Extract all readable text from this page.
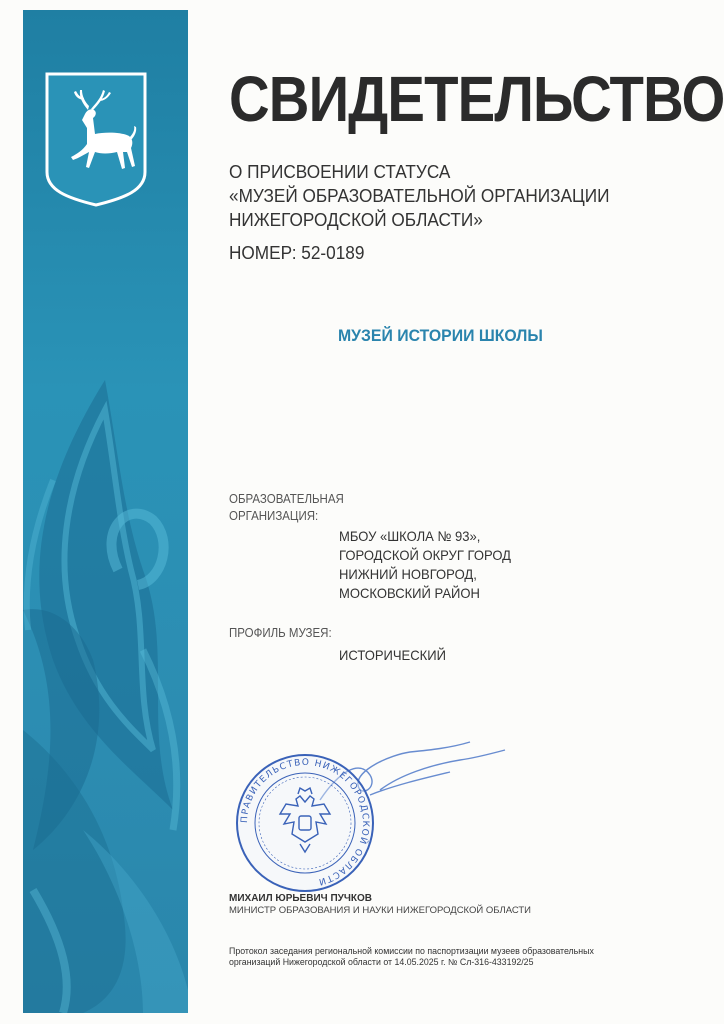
СВИДЕТЕЛЬСТВО
О ПРИСВОЕНИИ СТАТУСА
«МУЗЕЙ ОБРАЗОВАТЕЛЬНОЙ ОРГАНИЗАЦИИ
НИЖЕГОРОДСКОЙ ОБЛАСТИ»
НОМЕР: 52-0189
МУЗЕЙ ИСТОРИИ ШКОЛЫ
ОБРАЗОВАТЕЛЬНАЯ
ОРГАНИЗАЦИЯ:
МБОУ «ШКОЛА № 93»,
ГОРОДСКОЙ ОКРУГ ГОРОД
НИЖНИЙ НОВГОРОД,
МОСКОВСКИЙ РАЙОН
ПРОФИЛЬ МУЗЕЯ:
ИСТОРИЧЕСКИЙ
ПРАВИТЕЛЬСТВО НИЖЕГОРОДСКОЙ ОБЛАСТИ
МИХАИЛ ЮРЬЕВИЧ ПУЧКОВ
МИНИСТР ОБРАЗОВАНИЯ И НАУКИ НИЖЕГОРОДСКОЙ ОБЛАСТИ
Протокол заседания региональной комиссии по паспортизации музеев образовательных
организаций Нижегородской области от 14.05.2025 г. № Сл-316-433192/25
